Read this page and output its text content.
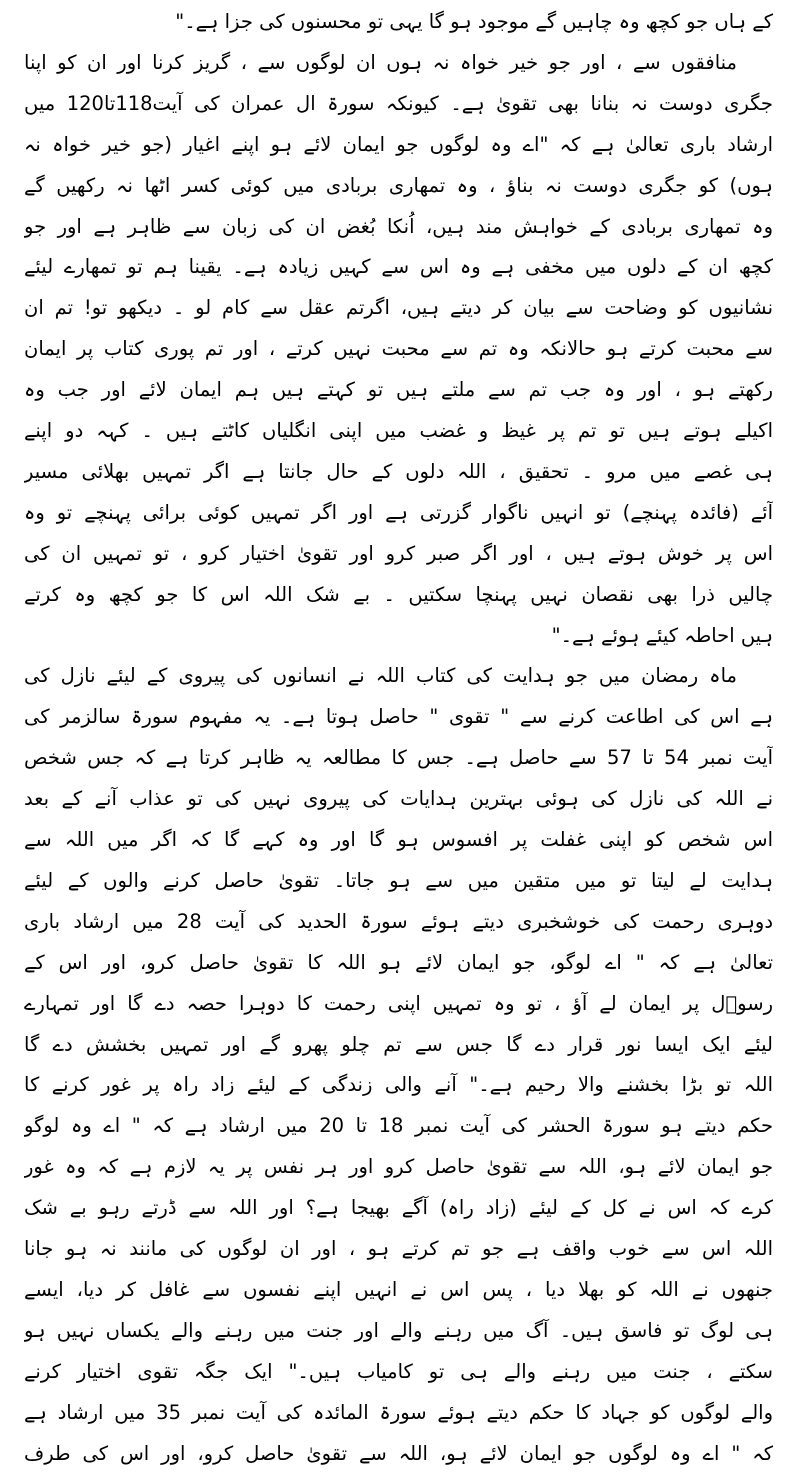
کے ہاں جو کچھ وہ چاہیں گے موجود ہو گا یہی تو محسنوں کی جزا ہے۔"
منافقوں سے ، اور جو خیر خواہ نہ ہوں ان لوگوں سے ، گریز کرنا اور ان کو اپنا
جگری دوست نہ بنانا بھی تقویٰ ہے۔ کیونکہ سورۃ ال عمران کی آیت118تا120 میں
ارشاد باری تعالیٰ ہے کہ "اے وہ لوگوں جو ایمان لائے ہو اپنے اغیار (جو خیر خواہ نہ
ہوں) کو جگری دوست نہ بناؤ ، وہ تمھاری بربادی میں کوئی کسر اٹھا نہ رکھیں گے
وہ تمھاری بربادی کے خواہش مند ہیں، اُنکا بُغض ان کی زبان سے ظاہر ہے اور جو
کچھ ان کے دلوں میں مخفی ہے وہ اس سے کہیں زیادہ ہے۔ یقینا ہم تو تمھارے لیئے
نشانیوں کو وضاحت سے بیان کر دیتے ہیں، اگرتم عقل سے کام لو ۔ دیکھو تو! تم ان
سے محبت کرتے ہو حالانکہ وہ تم سے محبت نہیں کرتے ، اور تم پوری کتاب پر ایمان
رکھتے ہو ، اور وہ جب تم سے ملتے ہیں تو کہتے ہیں ہم ایمان لائے اور جب وہ
اکیلے ہوتے ہیں تو تم پر غیظ و غضب میں اپنی انگلیاں کاٹتے ہیں ۔ کہہ دو اپنے
ہی غصے میں مرو ۔ تحقیق ، اللہ دلوں کے حال جانتا ہے اگر تمہیں بھلائی مسیر
آئے (فائدہ پہنچے) تو انہیں ناگوار گزرتی ہے اور اگر تمہیں کوئی برائی پہنچے تو وہ
اس پر خوش ہوتے ہیں ، اور اگر صبر کرو اور تقویٰ اختیار کرو ، تو تمہیں ان کی
چالیں ذرا بھی نقصان نہیں پہنچا سکتیں ۔ بے شک اللہ اس کا جو کچھ وہ کرتے
ہیں احاطہ کیئے ہوئے ہے۔"
ماہ رمضان میں جو ہدایت کی کتاب اللہ نے انسانوں کی پیروی کے لیئے نازل کی
ہے اس کی اطاعت کرنے سے " تقوی " حاصل ہوتا ہے۔ یہ مفہوم سورۃ سالزمر کی
آیت نمبر 54 تا 57 سے حاصل ہے۔ جس کا مطالعہ یہ ظاہر کرتا ہے کہ جس شخص
نے اللہ کی نازل کی ہوئی بہترین ہدایات کی پیروی نہیں کی تو عذاب آنے کے بعد
اس شخص کو اپنی غفلت پر افسوس ہو گا اور وہ کہے گا کہ اگر میں اللہ سے
ہدایت لے لیتا تو میں متقین میں سے ہو جاتا۔ تقویٰ حاصل کرنے والوں کے لیئے
دوہری رحمت کی خوشخبری دیتے ہوئے سورۃ الحدید کی آیت 28 میں ارشاد باری
تعالیٰ ہے کہ " اے لوگو، جو ایمان لائے ہو اللہ کا تقویٰ حاصل کرو، اور اس کے
رسوؐل پر ایمان لے آؤ ، تو وہ تمہیں اپنی رحمت کا دوہرا حصہ دے گا اور تمہارے
لیئے ایک ایسا نور قرار دے گا جس سے تم چلو پھرو گے اور تمہیں بخشش دے گا
اللہ تو بڑا بخشنے والا رحیم ہے۔" آنے والی زندگی کے لیئے زاد راہ پر غور کرنے کا
حکم دیتے ہو سورۃ الحشر کی آیت نمبر 18 تا 20 میں ارشاد ہے کہ " اے وہ لوگو
جو ایمان لائے ہو، اللہ سے تقویٰ حاصل کرو اور ہر نفس پر یہ لازم ہے کہ وہ غور
کرے کہ اس نے کل کے لیئے (زاد راہ) آگے بھیجا ہے؟ اور اللہ سے ڈرتے رہو بے شک
اللہ اس سے خوب واقف ہے جو تم کرتے ہو ، اور ان لوگوں کی مانند نہ ہو جانا
جنھوں نے اللہ کو بھلا دیا ، پس اس نے انہیں اپنے نفسوں سے غافل کر دیا، ایسے
ہی لوگ تو فاسق ہیں۔ آگ میں رہنے والے اور جنت میں رہنے والے یکساں نہیں ہو
سکتے ، جنت میں رہنے والے ہی تو کامیاب ہیں۔" ایک جگہ تقوی اختیار کرنے
والے لوگوں کو جہاد کا حکم دیتے ہوئے سورۃ المائدہ کی آیت نمبر 35 میں ارشاد ہے
کہ " اے وہ لوگوں جو ایمان لائے ہو، اللہ سے تقویٰ حاصل کرو، اور اس کی طرف
